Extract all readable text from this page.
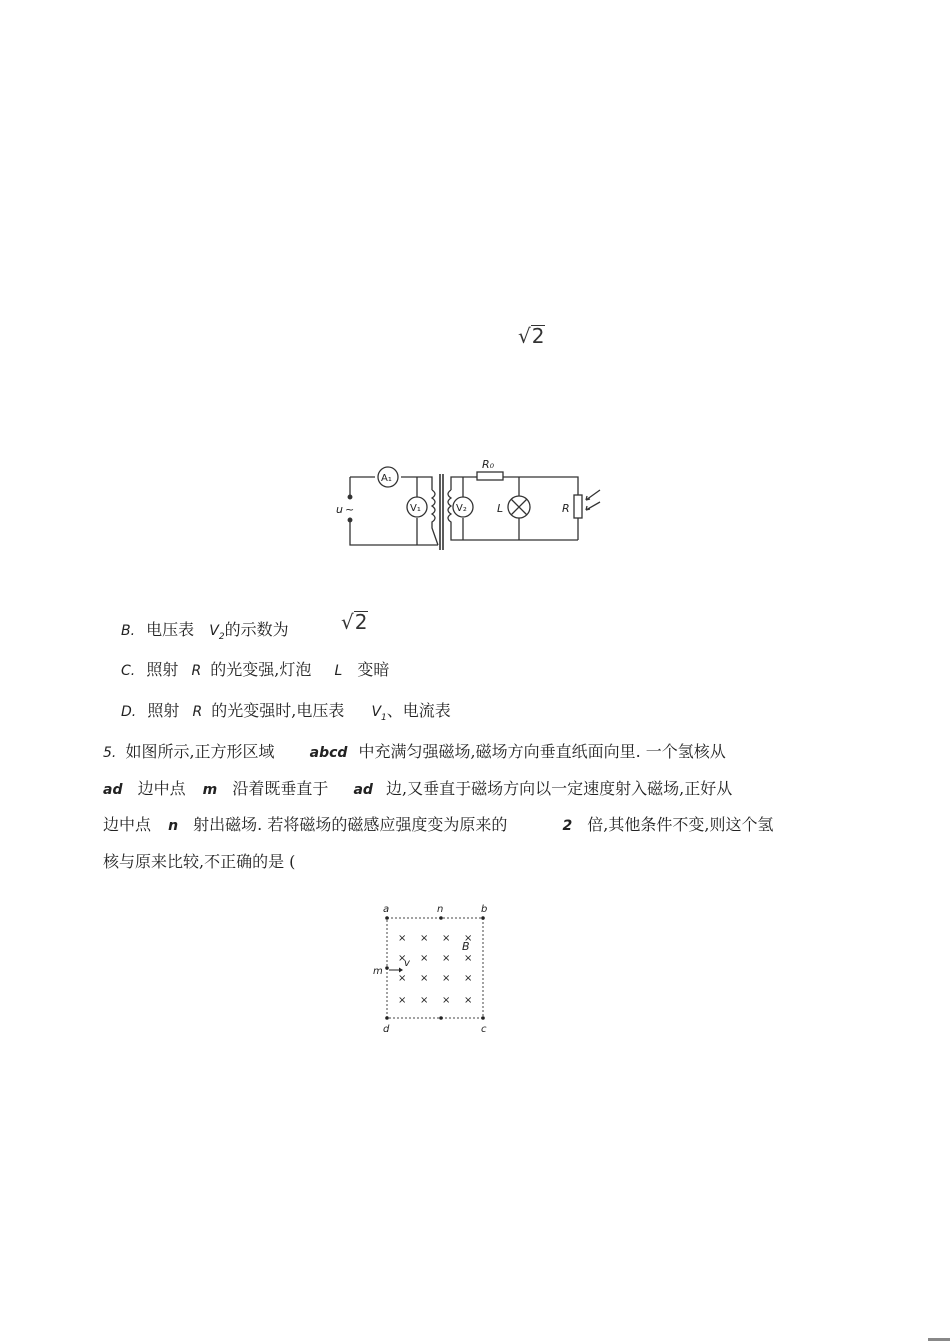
√2
A₁
V₁	V₂
u ~
R₀
L	R
B. 电压表 $V_2$的示数为	√2
C. 照射 R 的光变强,灯泡 L 变暗
D. 照射 R 的光变强时,电压表 $V_1$、电流表
5. 如图所示,正方形区域	abcd 中充满匀强磁场,磁场方向垂直纸面向里. 一个氢核从
ad 边中点 m 沿着既垂直于 ad 边,又垂直于磁场方向以一定速度射入磁场,正好从
边中点 n 射出磁场. 若将磁场的磁感应强度变为原来的	2 倍,其他条件不变,则这个氢
核与原来比较,不正确的是 (
× × × ×
× × × ×
× × × ×
× × × ×
a	n	b
m
v
B
d	c
